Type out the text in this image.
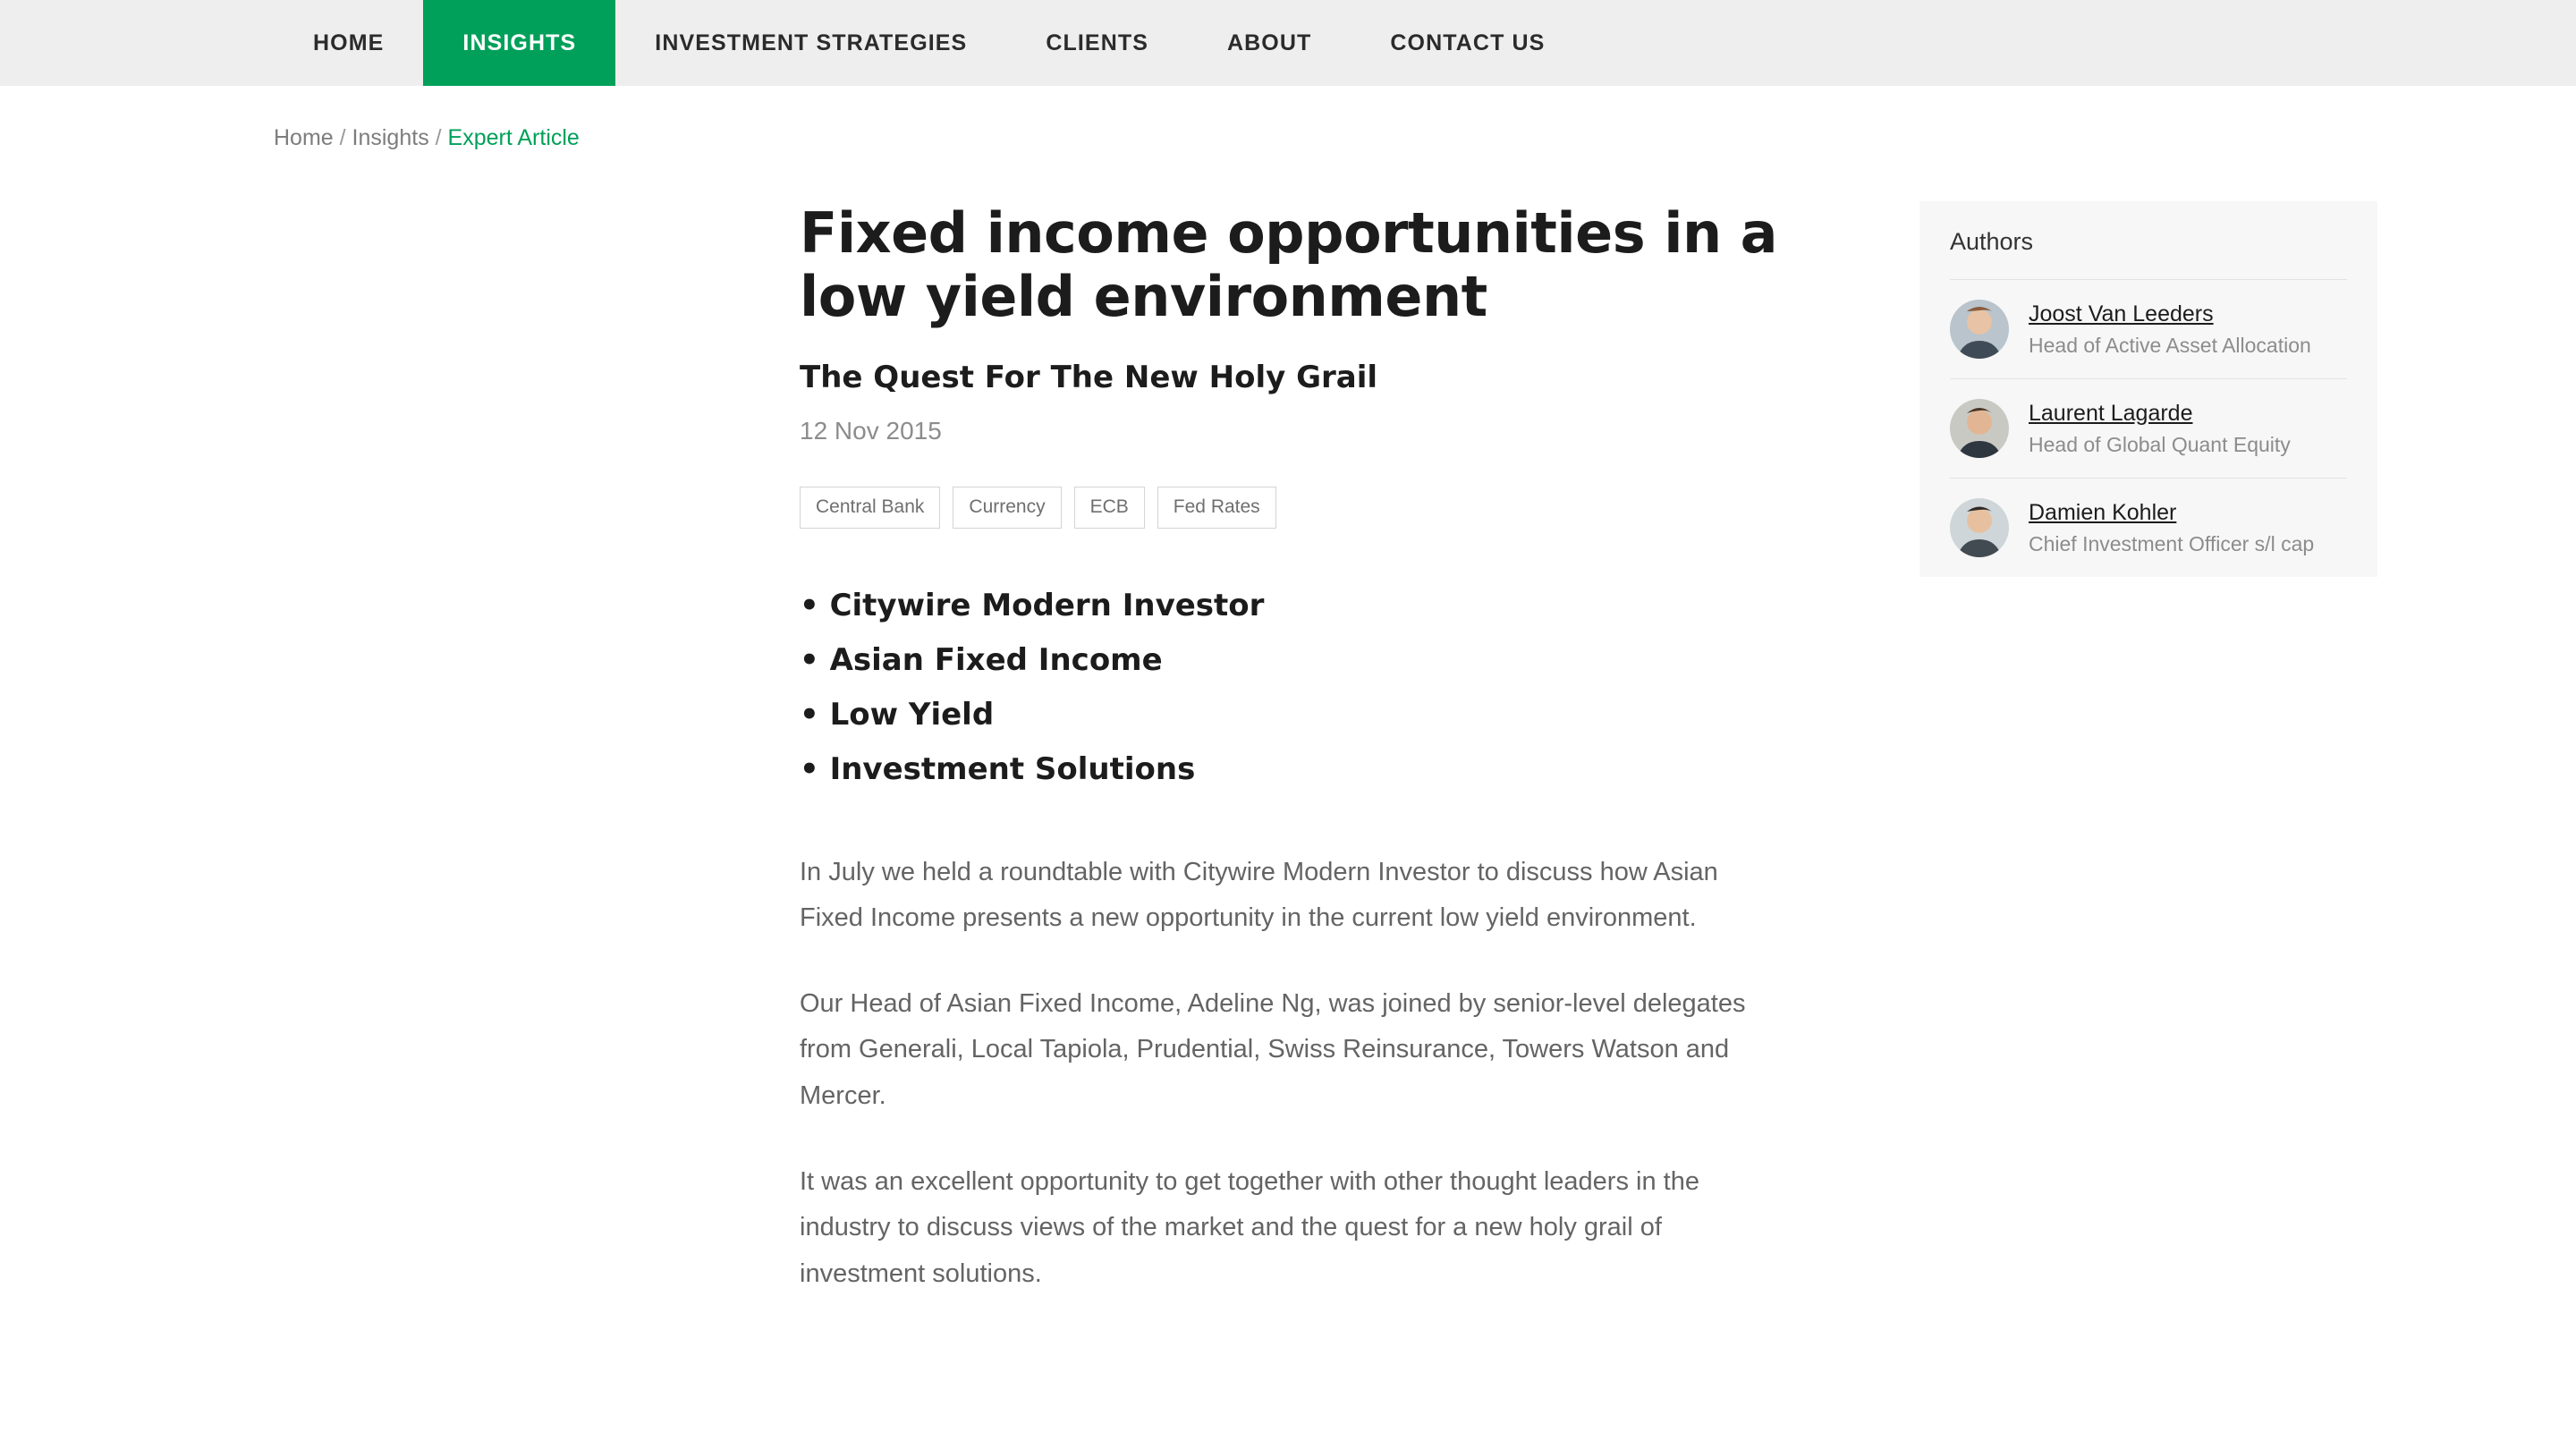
HOME	INSIGHTS	INVESTMENT STRATEGIES	CLIENTS	ABOUT	CONTACT US
Home / Insights / Expert Article
Fixed income opportunities in a low yield environment
The Quest For The New Holy Grail
12 Nov 2015
Central Bank	Currency	ECB	Fed Rates
• Citywire Modern Investor
• Asian Fixed Income
• Low Yield
• Investment Solutions

In July we held a roundtable with Citywire Modern Investor to discuss how Asian Fixed Income presents a new opportunity in the current low yield environment.

Our Head of Asian Fixed Income, Adeline Ng, was joined by senior-level delegates from Generali, Local Tapiola, Prudential, Swiss Reinsurance, Towers Watson and Mercer.

It was an excellent opportunity to get together with other thought leaders in the industry to discuss views of the market and the quest for a new holy grail of investment solutions.

Authors
Joost Van Leeders
Head of Active Asset Allocation
Laurent Lagarde
Head of Global Quant Equity
Damien Kohler
Chief Investment Officer s/l cap
